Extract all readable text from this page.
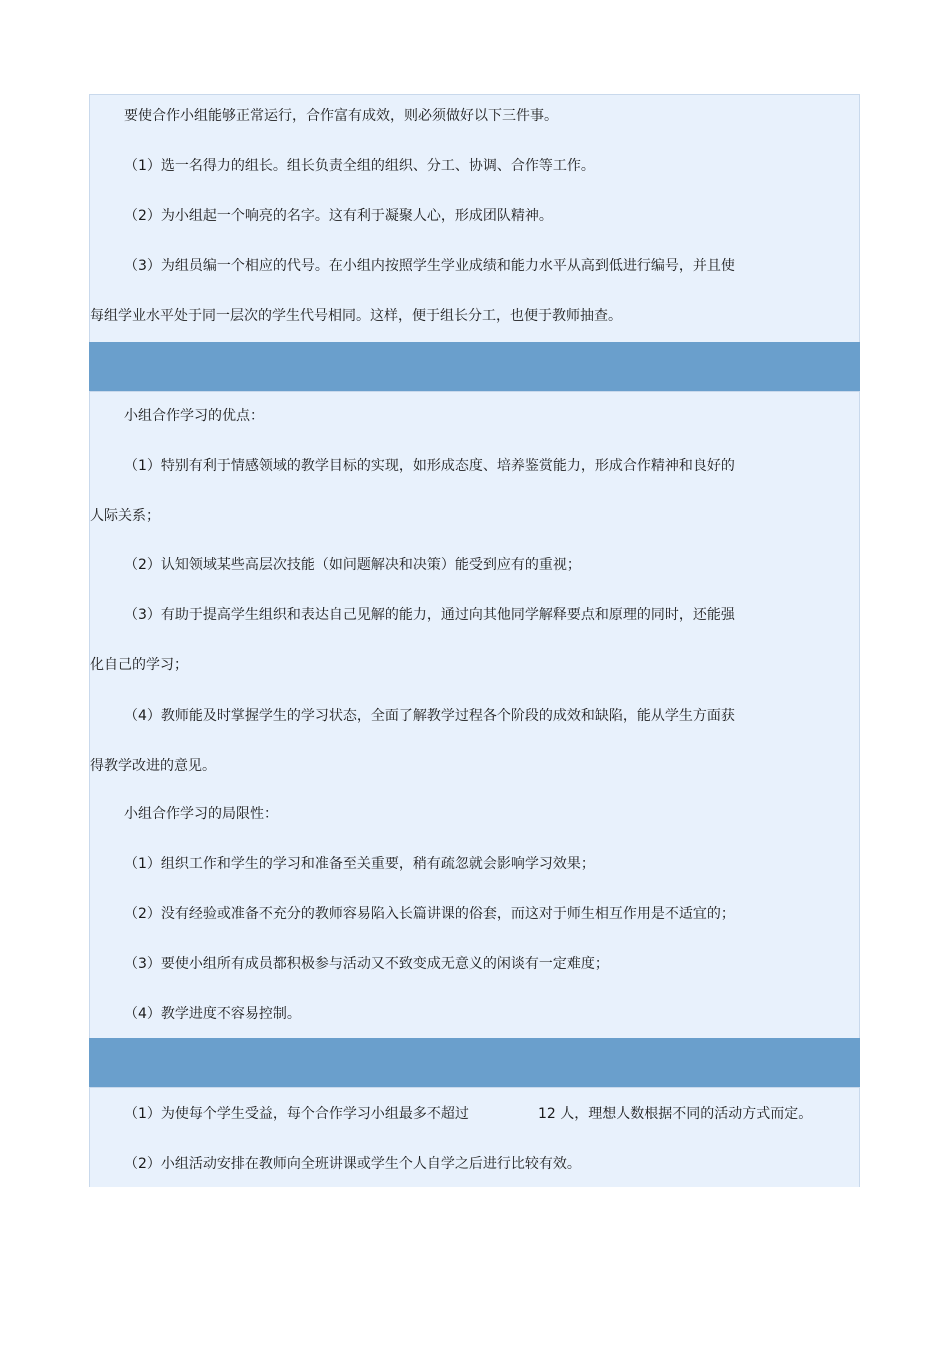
要使合作小组能够正常运行，合作富有成效，则必须做好以下三件事。
（1）选一名得力的组长。组长负责全组的组织、分工、协调、合作等工作。
（2）为小组起一个响亮的名字。这有利于凝聚人心，形成团队精神。
（3）为组员编一个相应的代号。在小组内按照学生学业成绩和能力水平从高到低进行编号，并且使
每组学业水平处于同一层次的学生代号相同。这样，便于组长分工，也便于教师抽查。
小组合作学习的优点：
（1）特别有利于情感领域的教学目标的实现，如形成态度、培养鉴赏能力，形成合作精神和良好的
人际关系；
（2）认知领域某些高层次技能（如问题解决和决策）能受到应有的重视；
（3）有助于提高学生组织和表达自己见解的能力，通过向其他同学解释要点和原理的同时，还能强
化自己的学习；
（4）教师能及时掌握学生的学习状态，全面了解教学过程各个阶段的成效和缺陷，能从学生方面获
得教学改进的意见。
小组合作学习的局限性：
（1）组织工作和学生的学习和准备至关重要，稍有疏忽就会影响学习效果；
（2）没有经验或准备不充分的教师容易陷入长篇讲课的俗套，而这对于师生相互作用是不适宜的；
（3）要使小组所有成员都积极参与活动又不致变成无意义的闲谈有一定难度；
（4）教学进度不容易控制。
（1）为使每个学生受益，每个合作学习小组最多不超过	12 人，理想人数根据不同的活动方式而定。
（2）小组活动安排在教师向全班讲课或学生个人自学之后进行比较有效。
